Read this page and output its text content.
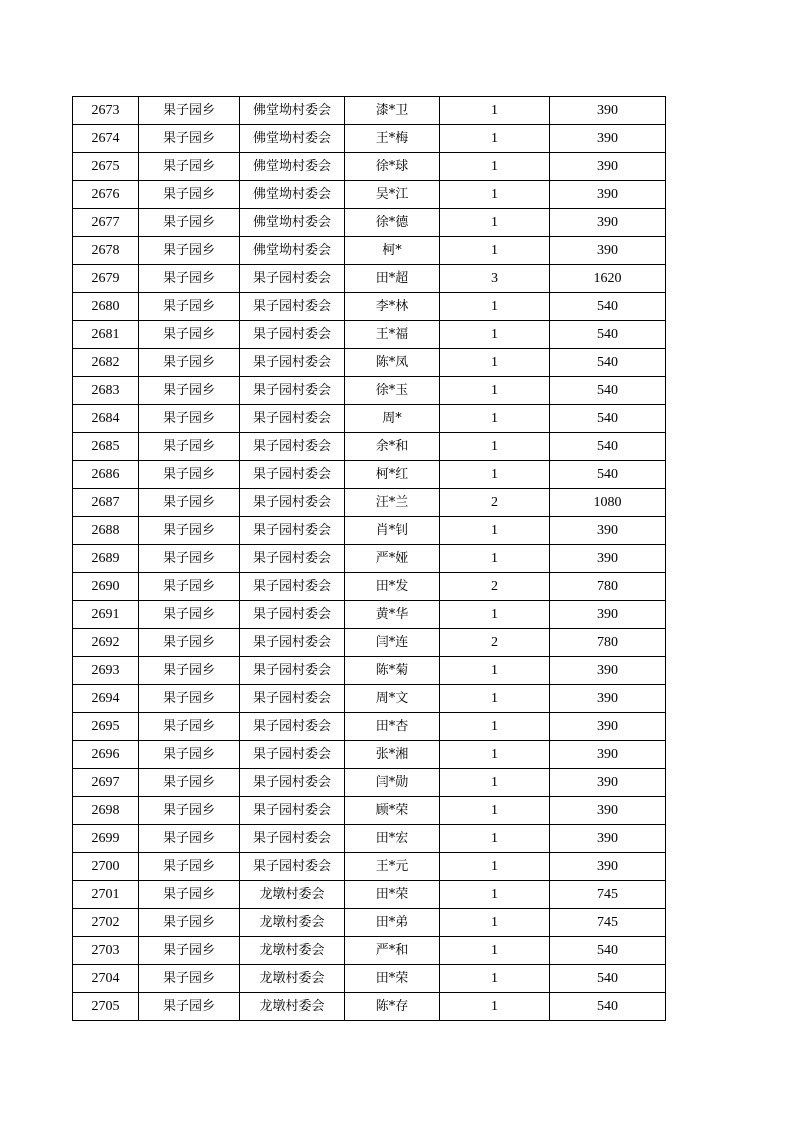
2673	果子园乡	佛堂坳村委会	漆*卫	1	390
2674	果子园乡	佛堂坳村委会	王*梅	1	390
2675	果子园乡	佛堂坳村委会	徐*球	1	390
2676	果子园乡	佛堂坳村委会	吴*江	1	390
2677	果子园乡	佛堂坳村委会	徐*德	1	390
2678	果子园乡	佛堂坳村委会	柯*	1	390
2679	果子园乡	果子园村委会	田*超	3	1620
2680	果子园乡	果子园村委会	李*林	1	540
2681	果子园乡	果子园村委会	王*福	1	540
2682	果子园乡	果子园村委会	陈*凤	1	540
2683	果子园乡	果子园村委会	徐*玉	1	540
2684	果子园乡	果子园村委会	周*	1	540
2685	果子园乡	果子园村委会	余*和	1	540
2686	果子园乡	果子园村委会	柯*红	1	540
2687	果子园乡	果子园村委会	汪*兰	2	1080
2688	果子园乡	果子园村委会	肖*钊	1	390
2689	果子园乡	果子园村委会	严*娅	1	390
2690	果子园乡	果子园村委会	田*发	2	780
2691	果子园乡	果子园村委会	黄*华	1	390
2692	果子园乡	果子园村委会	闫*连	2	780
2693	果子园乡	果子园村委会	陈*菊	1	390
2694	果子园乡	果子园村委会	周*文	1	390
2695	果子园乡	果子园村委会	田*杏	1	390
2696	果子园乡	果子园村委会	张*湘	1	390
2697	果子园乡	果子园村委会	闫*勋	1	390
2698	果子园乡	果子园村委会	顾*荣	1	390
2699	果子园乡	果子园村委会	田*宏	1	390
2700	果子园乡	果子园村委会	王*元	1	390
2701	果子园乡	龙墩村委会	田*荣	1	745
2702	果子园乡	龙墩村委会	田*弟	1	745
2703	果子园乡	龙墩村委会	严*和	1	540
2704	果子园乡	龙墩村委会	田*荣	1	540
2705	果子园乡	龙墩村委会	陈*存	1	540
